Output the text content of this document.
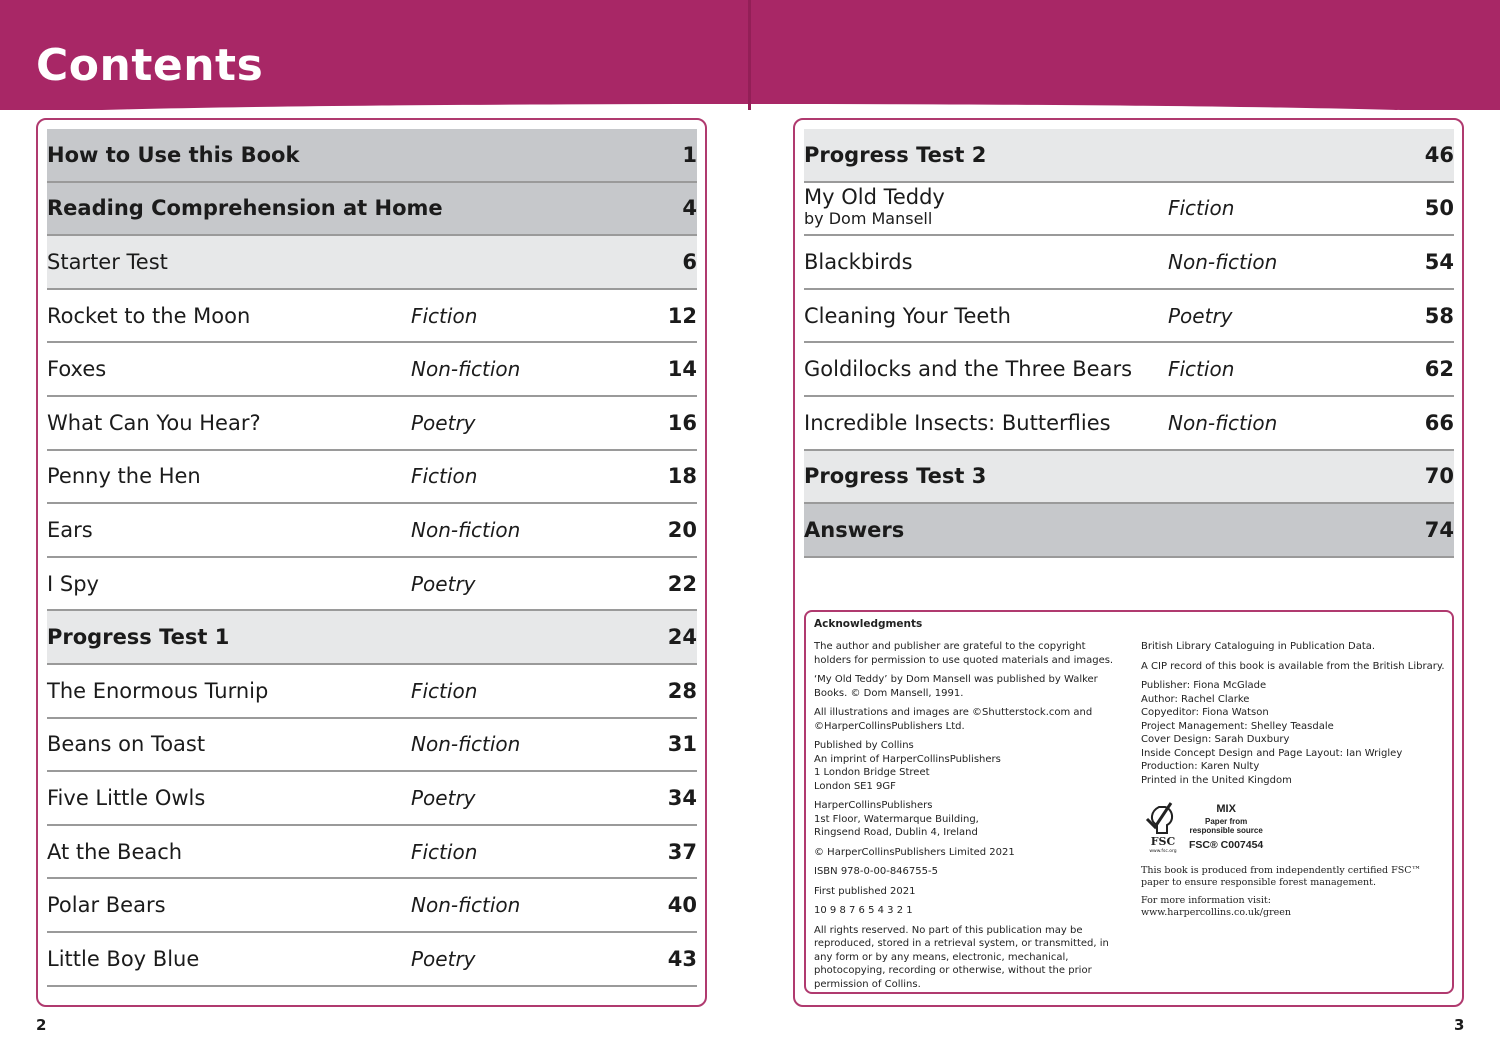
Contents
How to Use this Book	1
Reading Comprehension at Home	4
Starter Test	6
Rocket to the Moon	Fiction	12
Foxes	Non-fiction	14
What Can You Hear?	Poetry	16
Penny the Hen	Fiction	18
Ears	Non-fiction	20
I Spy	Poetry	22
Progress Test 1	24
The Enormous Turnip	Fiction	28
Beans on Toast	Non-fiction	31
Five Little Owls	Poetry	34
At the Beach	Fiction	37
Polar Bears	Non-fiction	40
Little Boy Blue	Poetry	43
Progress Test 2	46
My Old Teddy
by Dom Mansell	Fiction	50
Blackbirds	Non-fiction	54
Cleaning Your Teeth	Poetry	58
Goldilocks and the Three Bears Fiction	62
Incredible Insects: Butterflies	Non-fiction	66
Progress Test 3	70
Answers	74
Acknowledgments

The author and publisher are grateful to the copyright holders for permission to use quoted materials and images.

‘My Old Teddy’ by Dom Mansell was published by Walker Books. © Dom Mansell, 1991.

All illustrations and images are ©Shutterstock.com and ©HarperCollinsPublishers Ltd.

Published by Collins
An imprint of HarperCollinsPublishers
1 London Bridge Street
London SE1 9GF

HarperCollinsPublishers
1st Floor, Watermarque Building,
Ringsend Road, Dublin 4, Ireland

© HarperCollinsPublishers Limited 2021

ISBN 978-0-00-846755-5

First published 2021

10 9 8 7 6 5 4 3 2 1

All rights reserved. No part of this publication may be reproduced, stored in a retrieval system, or transmitted, in any form or by any means, electronic, mechanical, photocopying, recording or otherwise, without the prior permission of Collins.

British Library Cataloguing in Publication Data.

A CIP record of this book is available from the British Library.

Publisher: Fiona McGlade
Author: Rachel Clarke
Copyeditor: Fiona Watson
Project Management: Shelley Teasdale
Cover Design: Sarah Duxbury
Inside Concept Design and Page Layout: Ian Wrigley
Production: Karen Nulty
Printed in the United Kingdom

FSC
www.fsc.org
MIX
Paper from
responsible source
FSC® C007454

This book is produced from independently certified FSC™ paper to ensure responsible forest management.

For more information visit:
www.harpercollins.co.uk/green

2	3
